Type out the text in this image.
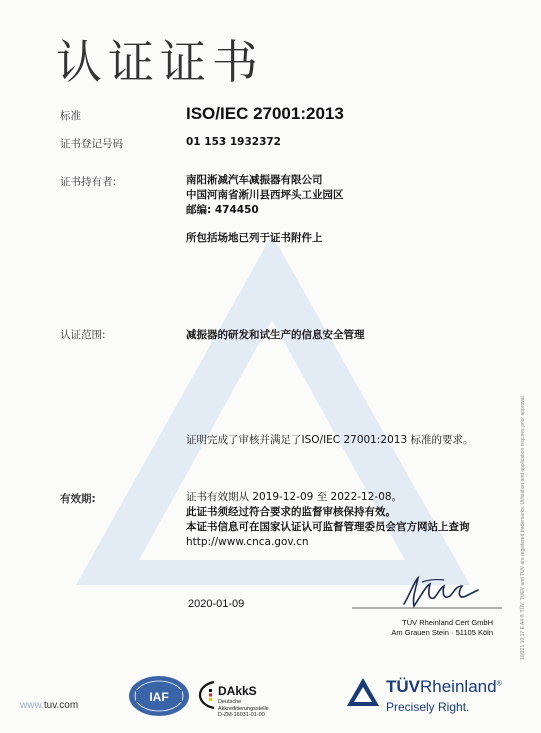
认证证书
标准	ISO/IEC 27001:2013
证书登记号码	01 153 1932372
证书持有者:	南阳淅减汽车减振器有限公司
中国河南省淅川县西坪头工业园区
邮编: 474450
所包括场地已列于证书附件上
认证范围:	减振器的研发和试生产的信息安全管理
证明完成了审核并满足了ISO/IEC 27001:2013 标准的要求。
有效期:	证书有效期从 2019-12-09 至 2022-12-08。
此证书须经过符合要求的监督审核保持有效。
本证书信息可在国家认证认可监督管理委员会官方网站上查询
http://www.cnca.gov.cn
2020-01-09
TÜV Rheinland Cert GmbH
Am Grauen Stein · 51105 Köln	10/221 10.17 E A4 ® TÜV, TUEV and TUV are registered trademarks. Utilisation and application requires prior approval.
www.tuv.com
IAF	DAkkS
Deutsche
Akkreditierungsstelle
D-ZM-16031-01-00
TÜVRheinland®
Precisely Right.
